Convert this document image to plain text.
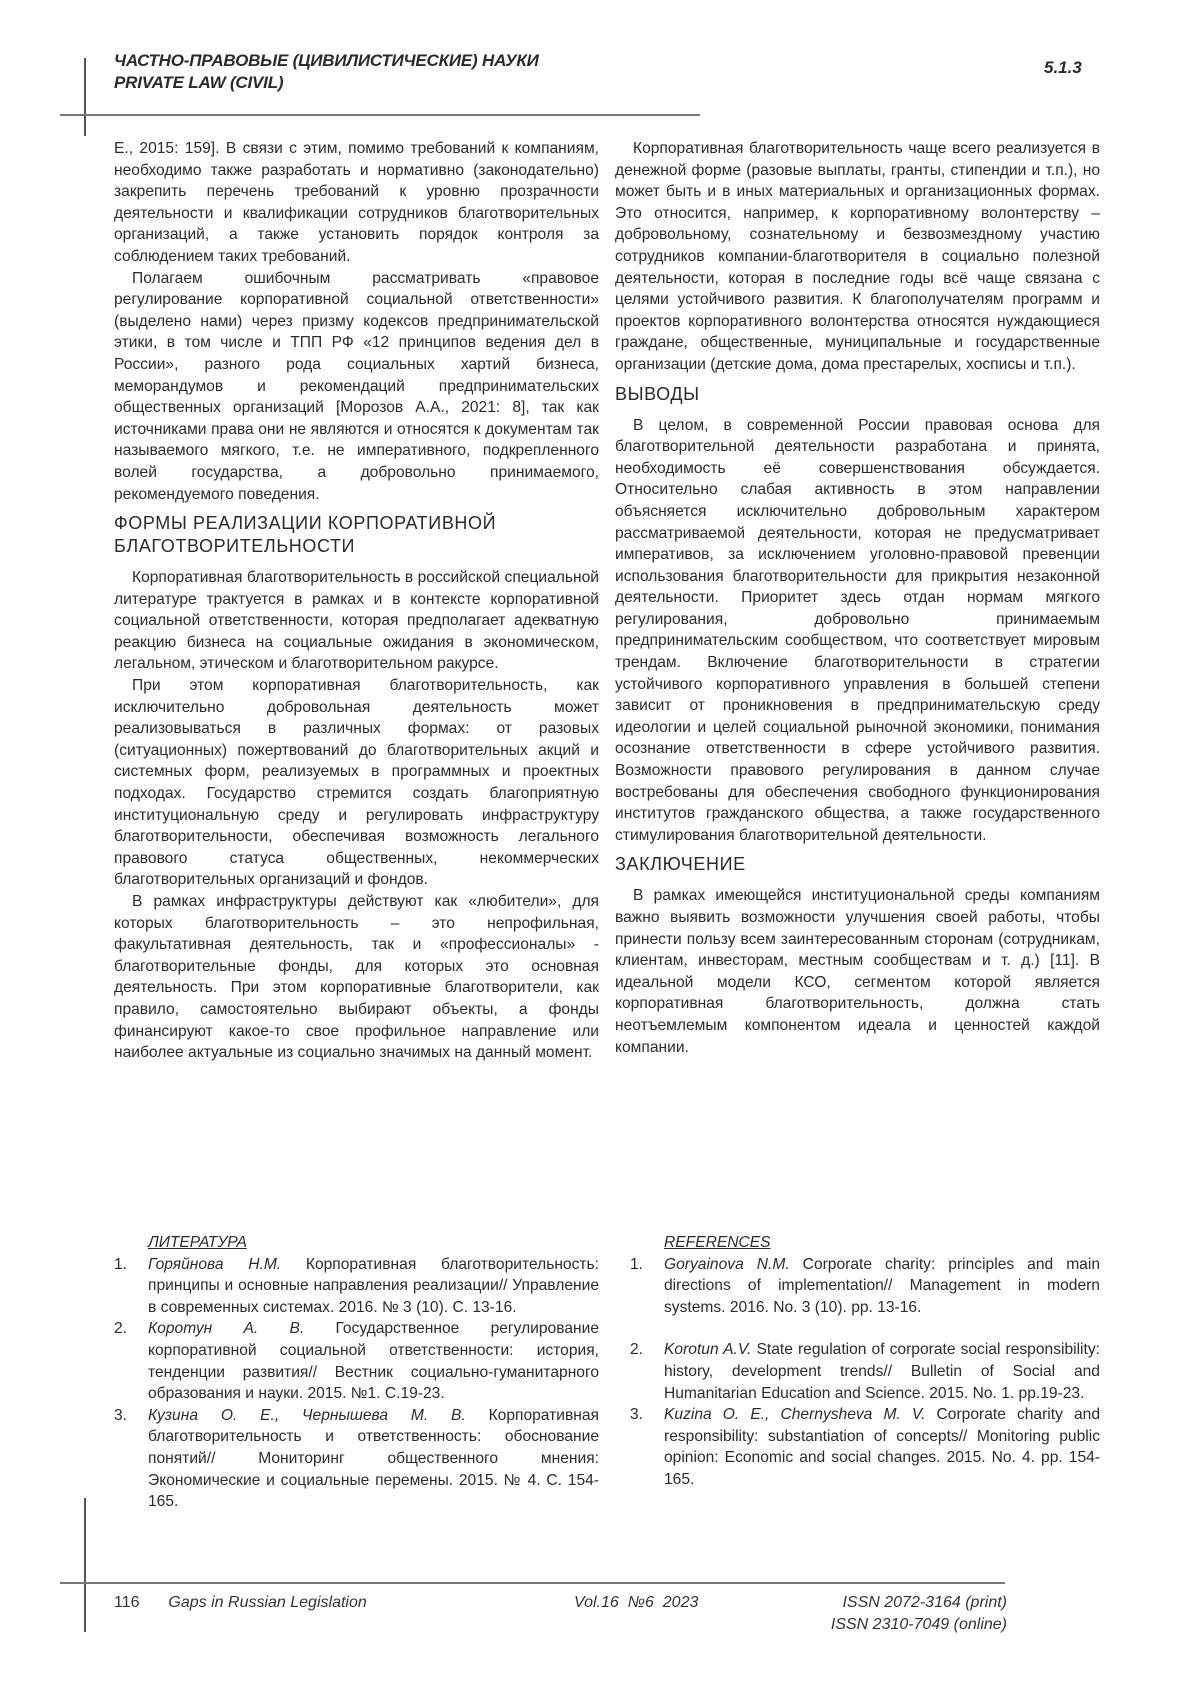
ЧАСТНО-ПРАВОВЫЕ (ЦИВИЛИСТИЧЕСКИЕ) НАУКИ
PRIVATE LAW (CIVIL)
5.1.3

Е., 2015: 159]. В связи с этим, помимо требований к компаниям, необходимо также разработать и нормативно (законодательно) закрепить перечень требований к уровню прозрачности деятельности и квалификации сотрудников благотворительных организаций, а также установить порядок контроля за соблюдением таких требований.

Полагаем ошибочным рассматривать «правовое регулирование корпоративной социальной ответственности» (выделено нами) через призму кодексов предпринимательской этики, в том числе и ТПП РФ «12 принципов ведения дел в России», разного рода социальных хартий бизнеса, меморандумов и рекомендаций предпринимательских общественных организаций [Морозов А.А., 2021: 8], так как источниками права они не являются и относятся к документам так называемого мягкого, т.е. не императивного, подкрепленного волей государства, а добровольно принимаемого, рекомендуемого поведения.

ФОРМЫ РЕАЛИЗАЦИИ КОРПОРАТИВНОЙ БЛАГОТВОРИТЕЛЬНОСТИ

Корпоративная благотворительность в российской специальной литературе трактуется в рамках и в контексте корпоративной социальной ответственности, которая предполагает адекватную реакцию бизнеса на социальные ожидания в экономическом, легальном, этическом и благотворительном ракурсе.

При этом корпоративная благотворительность, как исключительно добровольная деятельность может реализовываться в различных формах: от разовых (ситуационных) пожертвований до благотворительных акций и системных форм, реализуемых в программных и проектных подходах. Государство стремится создать благоприятную институциональную среду и регулировать инфраструктуру благотворительности, обеспечивая возможность легального правового статуса общественных, некоммерческих благотворительных организаций и фондов.

В рамках инфраструктуры действуют как «любители», для которых благотворительность – это непрофильная, факультативная деятельность, так и «профессионалы» - благотворительные фонды, для которых это основная деятельность. При этом корпоративные благотворители, как правило, самостоятельно выбирают объекты, а фонды финансируют какое-то свое профильное направление или наиболее актуальные из социально значимых на данный момент.

Корпоративная благотворительность чаще всего реализуется в денежной форме (разовые выплаты, гранты, стипендии и т.п.), но может быть и в иных материальных и организационных формах. Это относится, например, к корпоративному волонтерству – добровольному, сознательному и безвозмездному участию сотрудников компании-благотворителя в социально полезной деятельности, которая в последние годы всё чаще связана с целями устойчивого развития. К благополучателям программ и проектов корпоративного волонтерства относятся нуждающиеся граждане, общественные, муниципальные и государственные организации (детские дома, дома престарелых, хосписы и т.п.).

ВЫВОДЫ

В целом, в современной России правовая основа для благотворительной деятельности разработана и принята, необходимость её совершенствования обсуждается. Относительно слабая активность в этом направлении объясняется исключительно добровольным характером рассматриваемой деятельности, которая не предусматривает императивов, за исключением уголовно-правовой превенции использования благотворительности для прикрытия незаконной деятельности. Приоритет здесь отдан нормам мягкого регулирования, добровольно принимаемым предпринимательским сообществом, что соответствует мировым трендам. Включение благотворительности в стратегии устойчивого корпоративного управления в большей степени зависит от проникновения в предпринимательскую среду идеологии и целей социальной рыночной экономики, понимания осознание ответственности в сфере устойчивого развития. Возможности правового регулирования в данном случае востребованы для обеспечения свободного функционирования институтов гражданского общества, а также государственного стимулирования благотворительной деятельности.

ЗАКЛЮЧЕНИЕ

В рамках имеющейся институциональной среды компаниям важно выявить возможности улучшения своей работы, чтобы принести пользу всем заинтересованным сторонам (сотрудникам, клиентам, инвесторам, местным сообществам и т. д.) [11]. В идеальной модели КСО, сегментом которой является корпоративная благотворительность, должна стать неотъемлемым компонентом идеала и ценностей каждой компании.

ЛИТЕРАТУРА
1.	Горяйнова Н.М. Корпоративная благотворительность: принципы и основные направления реализации// Управление в современных системах. 2016. № 3 (10). С. 13-16.
2.	Коротун А. В. Государственное регулирование корпоративной социальной ответственности: история, тенденции развития// Вестник социально-гуманитарного образования и науки. 2015. №1. С.19-23.
3.	Кузина О. Е., Чернышева М. В. Корпоративная благотворительность и ответственность: обоснование понятий// Мониторинг общественного мнения: Экономические и социальные перемены. 2015. № 4. С. 154-165.
REFERENCES
1.	Goryainova N.M. Corporate charity: principles and main directions of implementation// Management in modern systems. 2016. No. 3 (10). pp. 13-16.
2.	Korotun A.V. State regulation of corporate social responsibility: history, development trends// Bulletin of Social and Humanitarian Education and Science. 2015. No. 1. pp.19-23.
3.	Kuzina O. E., Chernysheva M. V. Corporate charity and responsibility: substantiation of concepts// Monitoring public opinion: Economic and social changes. 2015. No. 4. pp. 154-165.
116 Gaps in Russian Legislation	Vol.16  №6  2023	ISSN 2072-3164 (print)
ISSN 2310-7049 (online)
